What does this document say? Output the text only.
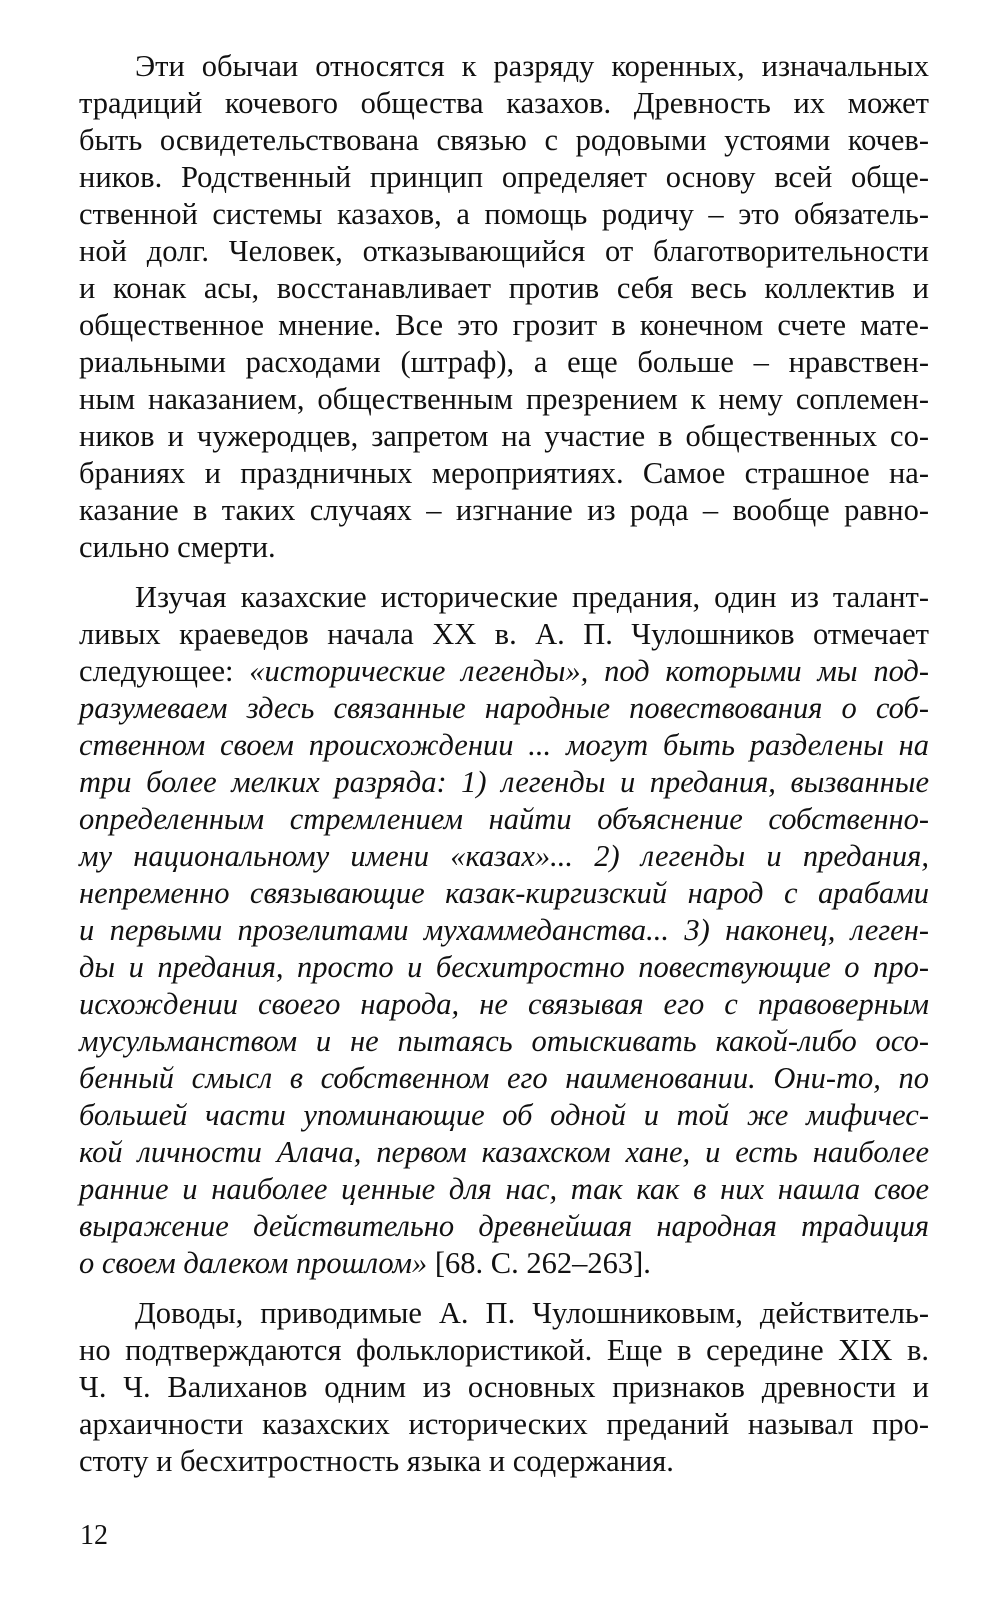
Эти обычаи относятся к разряду коренных, изначальных
традиций кочевого общества казахов. Древность их может
быть освидетельствована связью с родовыми устоями кочев-
ников. Родственный принцип определяет основу всей обще-
ственной системы казахов, а помощь родичу – это обязатель-
ной долг. Человек, отказывающийся от благотворительности
и конак асы, восстанавливает против себя весь коллектив и
общественное мнение. Все это грозит в конечном счете мате-
риальными расходами (штраф), а еще больше – нравствен-
ным наказанием, общественным презрением к нему соплемен-
ников и чужеродцев, запретом на участие в общественных со-
браниях и праздничных мероприятиях. Самое страшное на-
казание в таких случаях – изгнание из рода – вообще равно-
сильно смерти.

Изучая казахские исторические предания, один из талант-
ливых краеведов начала XX в. А. П. Чулошников отмечает
следующее: «исторические легенды», под которыми мы под-
разумеваем здесь связанные народные повествования о соб-
ственном своем происхождении ... могут быть разделены на
три более мелких разряда: 1) легенды и предания, вызванные
определенным стремлением найти объяснение собственно-
му национальному имени «казах»... 2) легенды и предания,
непременно связывающие казак-киргизский народ с арабами
и первыми прозелитами мухаммеданства... 3) наконец, леген-
ды и предания, просто и бесхитростно повествующие о про-
исхождении своего народа, не связывая его с правоверным
мусульманством и не пытаясь отыскивать какой-либо осо-
бенный смысл в собственном его наименовании. Они-то, по
большей части упоминающие об одной и той же мифичес-
кой личности Алача, первом казахском хане, и есть наиболее
ранние и наиболее ценные для нас, так как в них нашла свое
выражение действительно древнейшая народная традиция
о своем далеком прошлом» [68. С. 262–263].

Доводы, приводимые А. П. Чулошниковым, действитель-
но подтверждаются фольклористикой. Еще в середине XIX в.
Ч. Ч. Валиханов одним из основных признаков древности и
архаичности казахских исторических преданий называл про-
стоту и бесхитростность языка и содержания.

12
